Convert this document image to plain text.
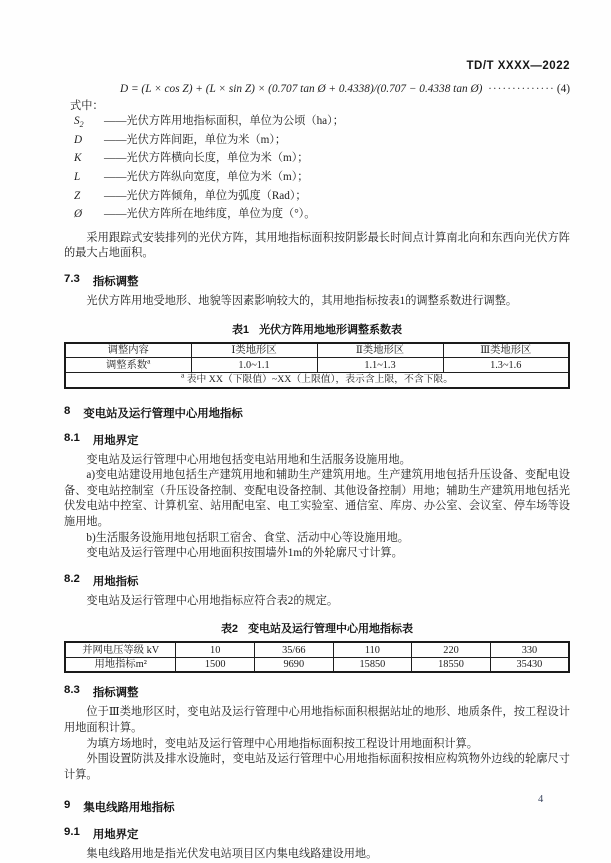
TD/T XXXX—2022
D = (L × cos Z) + (L × sin Z) × (0.707 tan Ø + 0.4338)/(0.707 − 0.4338 tan Ø) ·············· (4)
式中：
$S_2$	——光伏方阵用地指标面积，单位为公顷（ha）；
D	——光伏方阵间距，单位为米（m）；
K	——光伏方阵横向长度，单位为米（m）；
L	——光伏方阵纵向宽度，单位为米（m）；
Z	——光伏方阵倾角，单位为弧度（Rad）；
Ø	——光伏方阵所在地纬度，单位为度（°）。

采用跟踪式安装排列的光伏方阵，其用地指标面积按阴影最长时间点计算南北向和东西向光伏方阵的最大占地面积。

7.3 指标调整

光伏方阵用地受地形、地貌等因素影响较大的，其用地指标按表1的调整系数进行调整。

表1 光伏方阵用地地形调整系数表
调整内容	Ⅰ类地形区	Ⅱ类地形区	Ⅲ类地形区
调整系数$^a$	1.0~1.1	1.1~1.3	1.3~1.6
$^a$ 表中 XX（下限值）~XX（上限值），表示含上限，不含下限。			
8 变电站及运行管理中心用地指标
8.1 用地界定

变电站及运行管理中心用地包括变电站用地和生活服务设施用地。

a)变电站建设用地包括生产建筑用地和辅助生产建筑用地。生产建筑用地包括升压设备、变配电设备、变电站控制室（升压设备控制、变配电设备控制、其他设备控制）用地；辅助生产建筑用地包括光伏发电站中控室、计算机室、站用配电室、电工实验室、通信室、库房、办公室、会议室、停车场等设施用地。

b)生活服务设施用地包括职工宿舍、食堂、活动中心等设施用地。

变电站及运行管理中心用地面积按围墙外1m的外轮廓尺寸计算。

8.2 用地指标

变电站及运行管理中心用地指标应符合表2的规定。

表2 变电站及运行管理中心用地指标表
并网电压等级 kV	10	35/66	110	220	330
用地指标m²	1500	9690	15850	18550	35430
8.3 指标调整

位于Ⅲ类地形区时，变电站及运行管理中心用地指标面积根据站址的地形、地质条件，按工程设计用地面积计算。

为填方场地时，变电站及运行管理中心用地指标面积按工程设计用地面积计算。

外围设置防洪及排水设施时，变电站及运行管理中心用地指标面积按相应构筑物外边线的轮廓尺寸计算。

9 集电线路用地指标
9.1 用地界定

集电线路用地是指光伏发电站项目区内集电线路建设用地。

4
